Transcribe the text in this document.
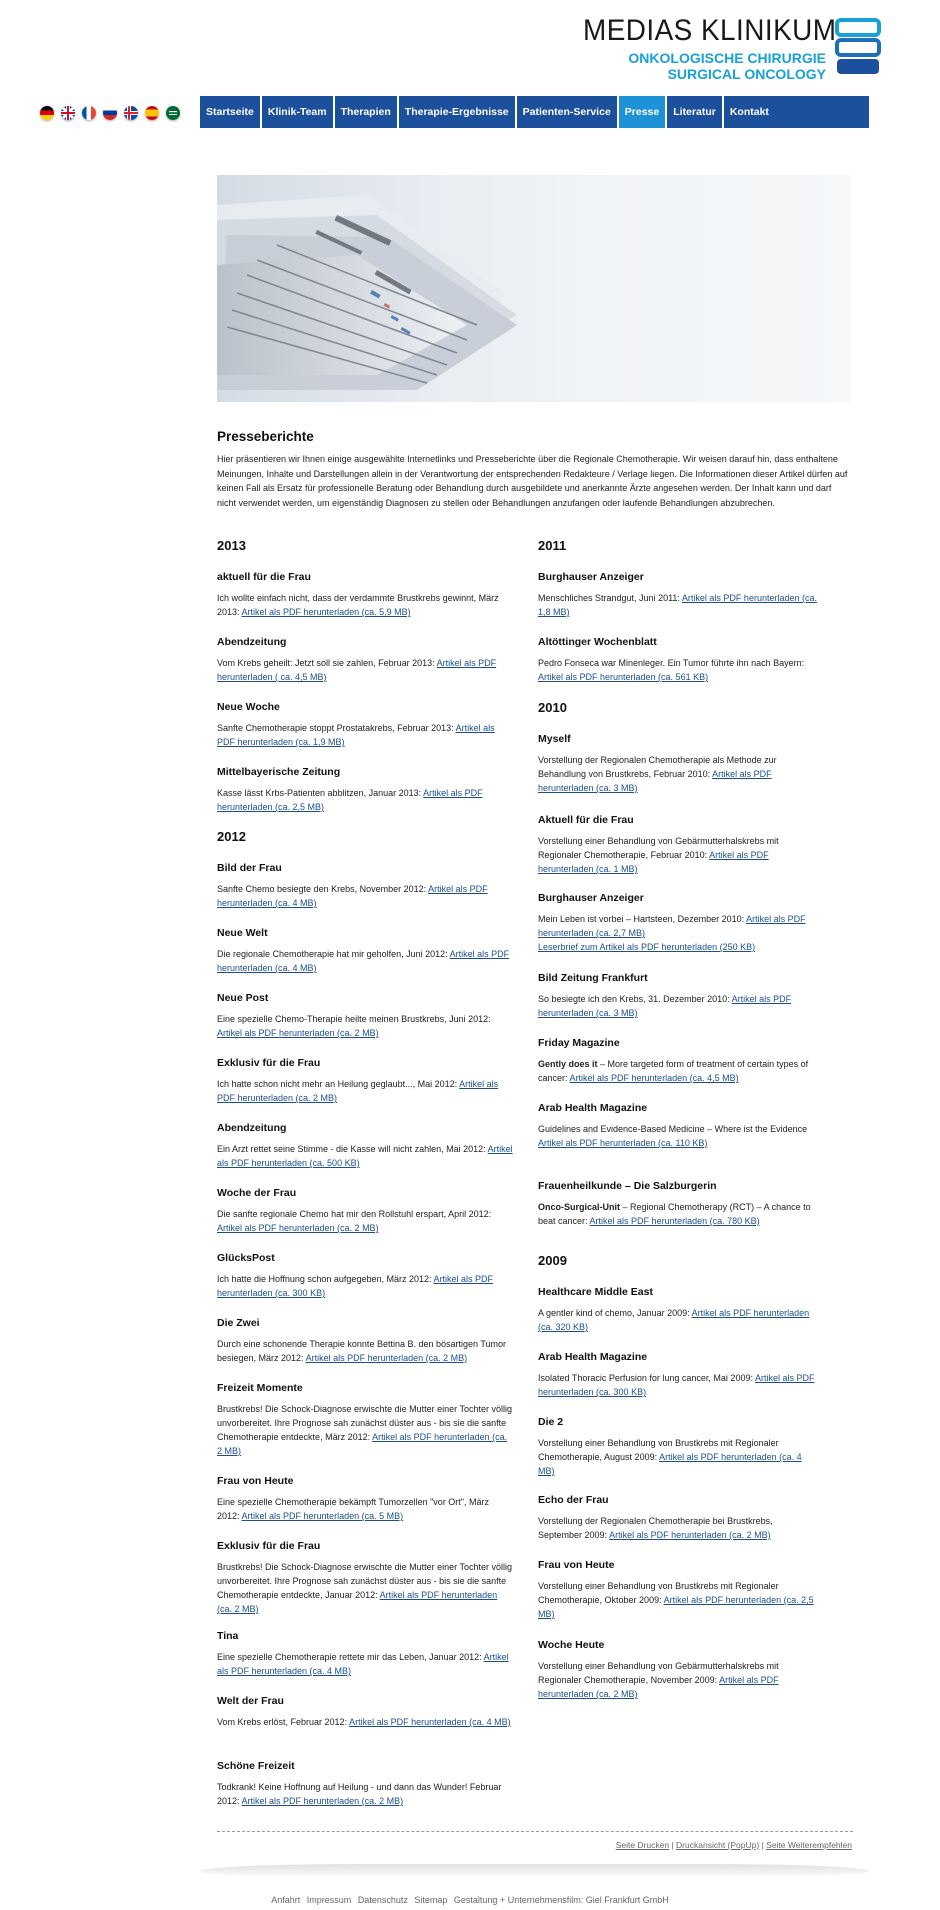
MEDIAS KLINIKUM
ONKOLOGISCHE CHIRURGIE
SURGICAL ONCOLOGY
Startseite	Klinik-Team	Therapien	Therapie-Ergebnisse	Patienten-Service	Presse	Literatur	Kontakt
Presseberichte

Hier präsentieren wir Ihnen einige ausgewählte Internetlinks und Presseberichte über die Regionale Chemotherapie. Wir weisen darauf hin, dass enthaltene Meinungen, Inhalte und Darstellungen allein in der Verantwortung der entsprechenden Redakteure / Verlage liegen. Die Informationen dieser Artikel dürfen auf keinen Fall als Ersatz für professionelle Beratung oder Behandlung durch ausgebildete und anerkannte Ärzte angesehen werden. Der Inhalt kann und darf nicht verwendet werden, um eigenständig Diagnosen zu stellen oder Behandlungen anzufangen oder laufende Behandlungen abzubrechen.

2013
2012
aktuell für die Frau

Ich wollte einfach nicht, dass der verdammte Brustkrebs gewinnt, März 2013: Artikel als PDF herunterladen (ca. 5,9 MB)

Abendzeitung

Vom Krebs geheilt: Jetzt soll sie zahlen, Februar 2013: Artikel als PDF herunterladen ( ca. 4,5 MB)

Neue Woche

Sanfte Chemotherapie stoppt Prostatakrebs, Februar 2013: Artikel als PDF herunterladen (ca. 1,9 MB)

Mittelbayerische Zeitung

Kasse lässt Krbs-Patienten abblitzen, Januar 2013: Artikel als PDF herunterladen (ca. 2,5 MB)

Bild der Frau

Sanfte Chemo besiegte den Krebs, November 2012: Artikel als PDF herunterladen (ca. 4 MB)

Neue Welt

Die regionale Chemotherapie hat mir geholfen, Juni 2012: Artikel als PDF herunterladen (ca. 4 MB)

Neue Post

Eine spezielle Chemo-Therapie heilte meinen Brustkrebs, Juni 2012: Artikel als PDF herunterladen (ca. 2 MB)

Exklusiv für die Frau

Ich hatte schon nicht mehr an Heilung geglaubt..., Mai 2012: Artikel als PDF herunterladen (ca. 2 MB)

Abendzeitung

Ein Arzt rettet seine Stimme - die Kasse will nicht zahlen, Mai 2012: Artikel als PDF herunterladen (ca. 500 KB)

Woche der Frau

Die sanfte regionale Chemo hat mir den Rollstuhl erspart, April 2012: Artikel als PDF herunterladen (ca. 2 MB)

GlücksPost

Ich hatte die Hoffnung schon aufgegeben, März 2012: Artikel als PDF herunterladen (ca. 300 KB)

Die Zwei

Durch eine schonende Therapie konnte Bettina B. den bösartigen Tumor besiegen, März 2012: Artikel als PDF herunterladen (ca. 2 MB)

Freizeit Momente

Brustkrebs! Die Schock-Diagnose erwischte die Mutter einer Tochter völlig unvorbereitet. Ihre Prognose sah zunächst düster aus - bis sie die sanfte Chemotherapie entdeckte, März 2012: Artikel als PDF herunterladen (ca. 2 MB)

Frau von Heute

Eine spezielle Chemotherapie bekämpft Tumorzellen "vor Ort", März 2012: Artikel als PDF herunterladen (ca. 5 MB)

Exklusiv für die Frau

Brustkrebs! Die Schock-Diagnose erwischte die Mutter einer Tochter völlig unvorbereitet. Ihre Prognose sah zunächst düster aus - bis sie die sanfte Chemotherapie entdeckte, Januar 2012: Artikel als PDF herunterladen (ca. 2 MB)

Tina

Eine spezielle Chemotherapie rettete mir das Leben, Januar 2012: Artikel als PDF herunterladen (ca. 4 MB)

Welt der Frau

Vom Krebs erlöst, Februar 2012: Artikel als PDF herunterladen (ca. 4 MB)

Schöne Freizeit

Todkrank! Keine Hoffnung auf Heilung - und dann das Wunder! Februar 2012: Artikel als PDF herunterladen (ca. 2 MB)

2011
2010
2009
Burghauser Anzeiger

Menschliches Strandgut, Juni 2011: Artikel als PDF herunterladen (ca. 1,8 MB)

Altöttinger Wochenblatt

Pedro Fonseca war Minenleger. Ein Tumor führte ihn nach Bayern: Artikel als PDF herunterladen (ca. 561 KB)

Myself

Vorstellung der Regionalen Chemotherapie als Methode zur Behandlung von Brustkrebs, Februar 2010: Artikel als PDF herunterladen (ca. 3 MB)

Aktuell für die Frau

Vorstellung einer Behandlung von Gebärmutterhalskrebs mit Regionaler Chemotherapie, Februar 2010: Artikel als PDF herunterladen (ca. 1 MB)

Burghauser Anzeiger

Mein Leben ist vorbei – Hartsteen, Dezember 2010: Artikel als PDF herunterladen (ca. 2,7 MB)
Leserbrief zum Artikel als PDF herunterladen (250 KB)

Bild Zeitung Frankfurt

So besiegte ich den Krebs, 31. Dezember 2010: Artikel als PDF herunterladen (ca. 3 MB)

Friday Magazine

Gently does it – More targeted form of treatment of certain types of cancer: Artikel als PDF herunterladen (ca. 4,5 MB)

Arab Health Magazine

Guidelines and Evidence-Based Medicine – Where ist the Evidence Artikel als PDF herunterladen (ca. 110 KB)

Frauenheilkunde – Die Salzburgerin

Onco-Surgical-Unit – Regional Chemotherapy (RCT) – A chance to beat cancer: Artikel als PDF herunterladen (ca. 780 KB)

Healthcare Middle East

A gentler kind of chemo, Januar 2009: Artikel als PDF herunterladen (ca. 320 KB)

Arab Health Magazine

Isolated Thoracic Perfusion for lung cancer, Mai 2009: Artikel als PDF herunterladen (ca. 300 KB)

Die 2

Vorstellung einer Behandlung von Brustkrebs mit Regionaler Chemotherapie, August 2009: Artikel als PDF herunterladen (ca. 4 MB)

Echo der Frau

Vorstellung der Regionalen Chemotherapie bei Brustkrebs, September 2009: Artikel als PDF herunterladen (ca. 2 MB)

Frau von Heute

Vorstellung einer Behandlung von Brustkrebs mit Regionaler Chemotherapie, Oktober 2009: Artikel als PDF herunterladen (ca. 2,5 MB)

Woche Heute

Vorstellung einer Behandlung von Gebärmutterhalskrebs mit Regionaler Chemotherapie, November 2009: Artikel als PDF herunterladen (ca. 2 MB)

Seite Drucken | Druckansicht (PopUp) | Seite Weiterempfehlen
Anfahrt Impressum Datenschutz Sitemap Gestaltung + Unternehmensfilm: Giel Frankfurt GmbH
